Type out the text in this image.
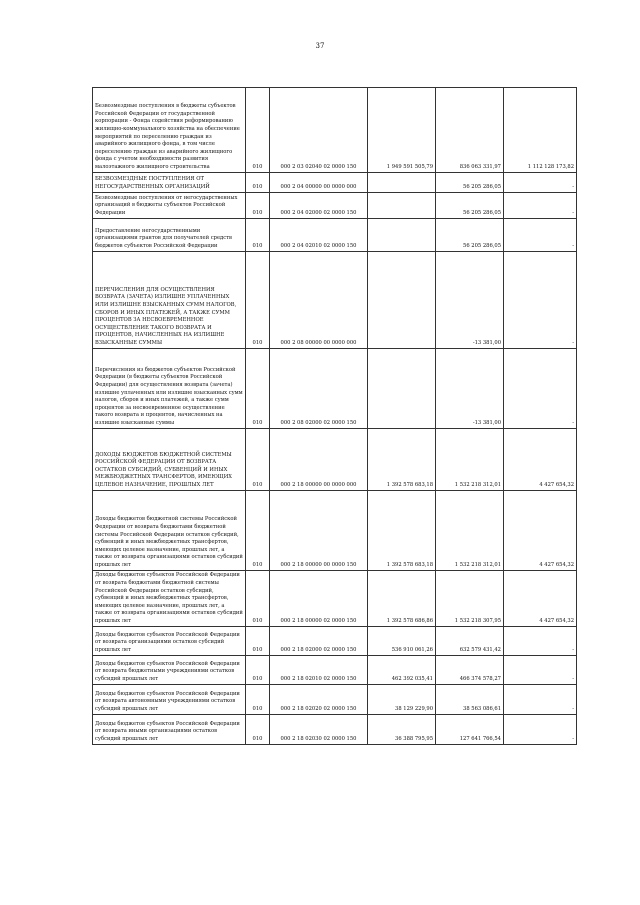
37
Безвозмездные поступления в бюджеты субъектов Российской Федерации от государственной корпорации - Фонда содействия реформированию жилищно-коммунального хозяйства на обеспечение мероприятий по переселению граждан из аварийного жилищного фонда, в том числе переселению граждан из аварийного жилищного фонда с учетом необходимости развития малоэтажного жилищного строительства	010	000 2 03 02040 02 0000 150	1 949 591 505,79	836 063 331,97	1 112 128 173,82
БЕЗВОЗМЕЗДНЫЕ ПОСТУПЛЕНИЯ ОТ НЕГОСУДАРСТВЕННЫХ ОРГАНИЗАЦИЙ	010	000 2 04 00000 00 0000 000		56 205 286,05	-
Безвозмездные поступления от негосударственных организаций в бюджеты субъектов Российской Федерации	010	000 2 04 02000 02 0000 150		56 205 286,05	-
Предоставление негосударственными организациями грантов для получателей средств бюджетов субъектов Российской Федерации	010	000 2 04 02010 02 0000 150		56 205 286,05	-
ПЕРЕЧИСЛЕНИЯ ДЛЯ ОСУЩЕСТВЛЕНИЯ ВОЗВРАТА (ЗАЧЕТА) ИЗЛИШНЕ УПЛАЧЕННЫХ ИЛИ ИЗЛИШНЕ ВЗЫСКАННЫХ СУММ НАЛОГОВ, СБОРОВ И ИНЫХ ПЛАТЕЖЕЙ, А ТАКЖЕ СУММ ПРОЦЕНТОВ ЗА НЕСВОЕВРЕМЕННОЕ ОСУЩЕСТВЛЕНИЕ ТАКОГО ВОЗВРАТА И ПРОЦЕНТОВ, НАЧИСЛЕННЫХ НА ИЗЛИШНЕ ВЗЫСКАННЫЕ СУММЫ	010	000 2 08 00000 00 0000 000		-13 381,00	-
Перечисления из бюджетов субъектов Российской Федерации (в бюджеты субъектов Российской Федерации) для осуществления возврата (зачета) излишне уплаченных или излишне взысканных сумм налогов, сборов и иных платежей, а также сумм процентов за несвоевременное осуществление такого возврата и процентов, начисленных на излишне взысканные суммы	010	000 2 08 02000 02 0000 150		-13 381,00	-
ДОХОДЫ БЮДЖЕТОВ БЮДЖЕТНОЙ СИСТЕМЫ РОССИЙСКОЙ ФЕДЕРАЦИИ ОТ ВОЗВРАТА ОСТАТКОВ СУБСИДИЙ, СУБВЕНЦИЙ И ИНЫХ МЕЖБЮДЖЕТНЫХ ТРАНСФЕРТОВ, ИМЕЮЩИХ ЦЕЛЕВОЕ НАЗНАЧЕНИЕ, ПРОШЛЫХ ЛЕТ	010	000 2 18 00000 00 0000 000	1 392 578 683,18	1 532 218 312,01	4 427 654,32
Доходы бюджетов бюджетной системы Российской Федерации от возврата бюджетами бюджетной системы Российской Федерации остатков субсидий, субвенций и иных межбюджетных трансфертов, имеющих целевое назначение, прошлых лет, а также от возврата организациями остатков субсидий прошлых лет	010	000 2 18 00000 00 0000 150	1 392 578 683,18	1 532 218 312,01	4 427 654,32
Доходы бюджетов субъектов Российской Федерации от возврата бюджетами бюджетной системы Российской Федерации остатков субсидий, субвенций и иных межбюджетных трансфертов, имеющих целевое назначение, прошлых лет, а также от возврата организациями остатков субсидий прошлых лет	010	000 2 18 00000 02 0000 150	1 392 578 686,86	1 532 218 307,95	4 427 654,32
Доходы бюджетов субъектов Российской Федерации от возврата организациями остатков субсидий прошлых лет	010	000 2 18 02000 02 0000 150	536 910 061,26	632 579 431,42	-
Доходы бюджетов субъектов Российской Федерации от возврата бюджетными учреждениями остатков субсидий прошлых лет	010	000 2 18 02010 02 0000 150	462 392 035,41	466 374 578,27	-
Доходы бюджетов субъектов Российской Федерации от возврата автономными учреждениями остатков субсидий прошлых лет	010	000 2 18 02020 02 0000 150	38 129 229,90	38 563 086,61	-
Доходы бюджетов субъектов Российской Федерации от возврата иными организациями остатков субсидий прошлых лет	010	000 2 18 02030 02 0000 150	36 388 795,95	127 641 766,54	-
